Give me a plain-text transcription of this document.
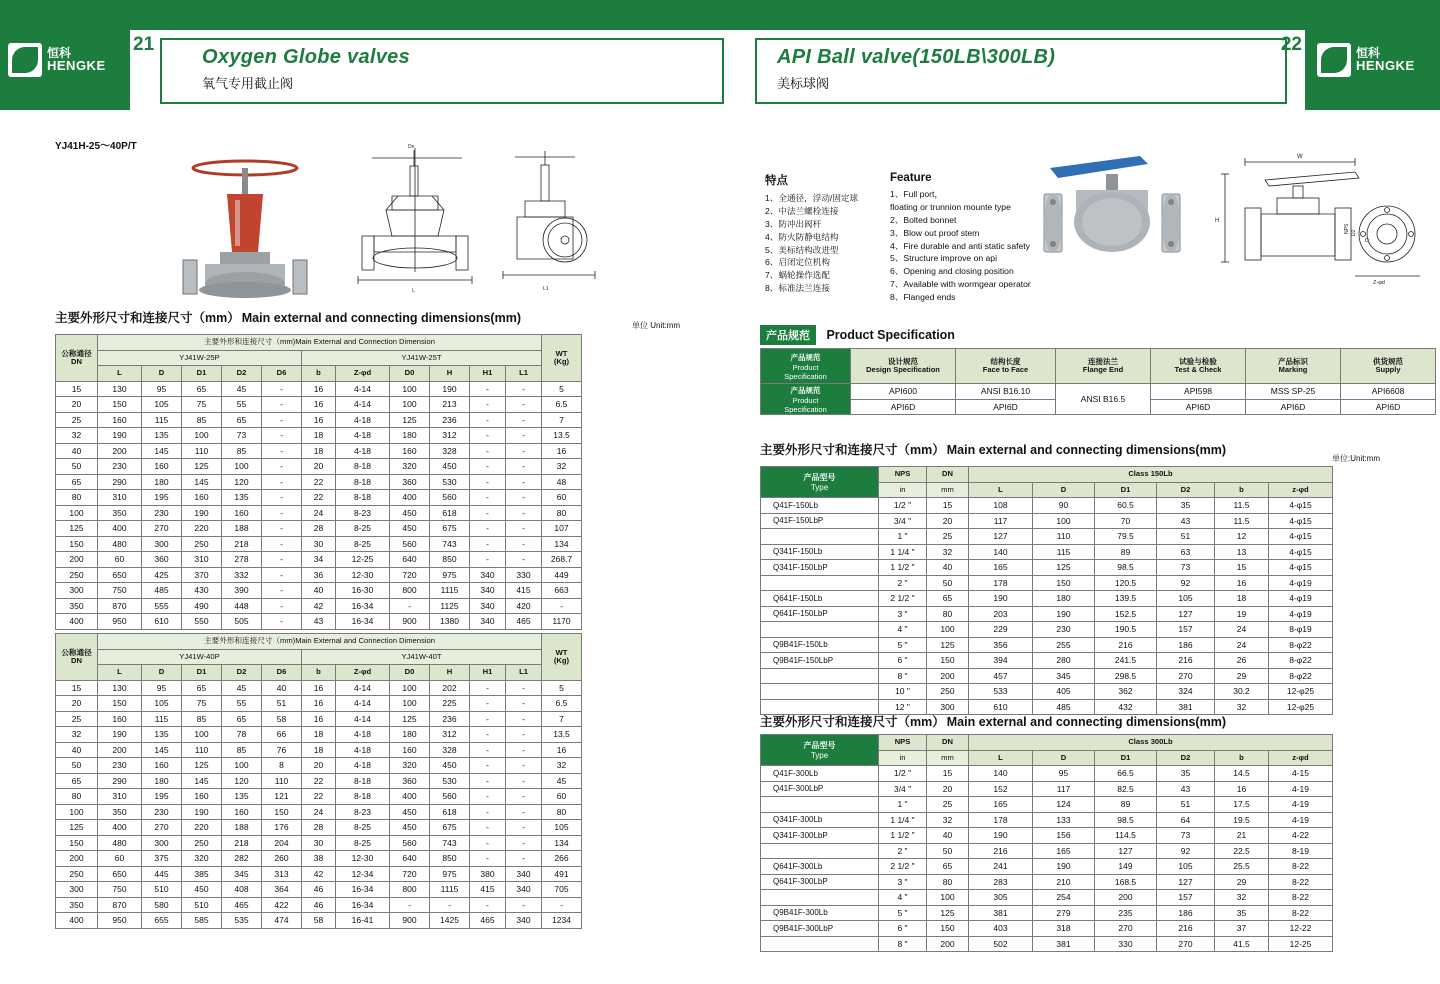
恒科
HENGKE
恒科
HENGKE
21	22
Oxygen Globe valves
氧气专用截止阀
API Ball valve(150LB\300LB)
美标球阀
YJ41H-25～40P/T	Dn
L	L1
主要外形尺寸和连接尺寸（mm） Main external and connecting dimensions(mm)
单位 Unit:mm
公称通径
DN	主要外形和连接尺寸（mm)Main External and Connection Dimension											WT
(Kg)
	YJ41W-25P					YJ41W-25T						
	L	D	D1	D2	D6	b	Z-φd	D0	H	H1	L1	
15	130	95	65	45	-	16	4-14	100	190	-	-	5
20	150	105	75	55	-	16	4-14	100	213	-	-	6.5
25	160	115	85	65	-	16	4-18	125	236	-	-	7
32	190	135	100	73	-	18	4-18	180	312	-	-	13.5
40	200	145	110	85	-	18	4-18	160	328	-	-	16
50	230	160	125	100	-	20	8-18	320	450	-	-	32
65	290	180	145	120	-	22	8-18	360	530	-	-	48
80	310	195	160	135	-	22	8-18	400	560	-	-	60
100	350	230	190	160	-	24	8-23	450	618	-	-	80
125	400	270	220	188	-	28	8-25	450	675	-	-	107
150	480	300	250	218	-	30	8-25	560	743	-	-	134
200	60	360	310	278	-	34	12-25	640	850	-	-	268.7
250	650	425	370	332	-	36	12-30	720	975	340	330	449
300	750	485	430	390	-	40	16-30	800	1115	340	415	663
350	870	555	490	448	-	42	16-34	-	1125	340	420	-
400	950	610	550	505	-	43	16-34	900	1380	340	465	1170
公称通径
DN	主要外形和连接尺寸（mm)Main External and Connection Dimension											WT
(Kg)
	YJ41W-40P					YJ41W-40T						
	L	D	D1	D2	D6	b	Z-φd	D0	H	H1	L1	
15	130	95	65	45	40	16	4-14	100	202	-	-	5
20	150	105	75	55	51	16	4-14	100	225	-	-	6.5
25	160	115	85	65	58	16	4-14	125	236	-	-	7
32	190	135	100	78	66	18	4-18	180	312	-	-	13.5
40	200	145	110	85	76	18	4-18	160	328	-	-	16
50	230	160	125	100	8	20	4-18	320	450	-	-	32
65	290	180	145	120	110	22	8-18	360	530	-	-	45
80	310	195	160	135	121	22	8-18	400	560	-	-	60
100	350	230	190	160	150	24	8-23	450	618	-	-	80
125	400	270	220	188	176	28	8-25	450	675	-	-	105
150	480	300	250	218	204	30	8-25	560	743	-	-	134
200	60	375	320	282	260	38	12-30	640	850	-	-	266
250	650	445	385	345	313	42	12-34	720	975	380	340	491
300	750	510	450	408	364	46	16-34	800	1115	415	340	705
350	870	580	510	465	422	46	16-34	-	-	-	-	-
400	950	655	585	535	474	58	16-41	900	1425	465	340	1234
特点
1、全通径，浮动/固定球
2、中法兰螺栓连接
3、防冲出阀杆
4、防火防静电结构
5、美标结构改进型
6、启闭定位机构
7、蜗轮操作选配
8、标准法兰连接
Feature
1、Full port，
floating or trunnion mounte type
2、Bolted bonnet
3、Blow out proof stem
4、Fire durable and anti static safety
5、Structure improve on api
6、Opening and closing position
7、Available with wormgear operator
8、Flanged ends
W
H
D
D2
NPS
Z-φd
产品规范 Product Specification
产品规范
Product
Specification	设计规范
Design Specification	结构长度
Face to Face	连接法兰
Flange End	试验与检验
Test & Check	产品标识
Marking	供货规范
Supply
产品规范
Product
Specification	API600	ANSI B16.10	ANSI B16.5	API598	MSS SP-25	API6608
	API6D	API6D		API6D	API6D	API6D
主要外形尺寸和连接尺寸（mm） Main external and connecting dimensions(mm)
单位:Unit:mm
产品型号
Type	NPS	DN	Class 150Lb					
	in	mm	L	D	D1	D2	b	z-φd

Q41F-150Lb	1/2 "	15	108	90	60.5	35	11.5	4-φ15
Q41F-150LbP	3/4 "	20	117	100	70	43	11.5	4-φ15
	1 "	25	127	110	79.5	51	12	4-φ15
Q341F-150Lb	1 1/4 "	32	140	115	89	63	13	4-φ15
Q341F-150LbP	1 1/2 "	40	165	125	98.5	73	15	4-φ15
	2 "	50	178	150	120.5	92	16	4-φ19
Q641F-150Lb	2 1/2 "	65	190	180	139.5	105	18	4-φ19
Q641F-150LbP	3 "	80	203	190	152.5	127	19	4-φ19
	4 "	100	229	230	190.5	157	24	8-φ19
Q9B41F-150Lb	5 "	125	356	255	216	186	24	8-φ22
Q9B41F-150LbP	6 "	150	394	280	241.5	216	26	8-φ22
	8 "	200	457	345	298.5	270	29	8-φ22
	10 "	250	533	405	362	324	30.2	12-φ25
	12 "	300	610	485	432	381	32	12-φ25
主要外形尺寸和连接尺寸（mm） Main external and connecting dimensions(mm)
产品型号
Type	NPS	DN	Class 300Lb					
	in	mm	L	D	D1	D2	b	z-φd

Q41F-300Lb	1/2 "	15	140	95	66.5	35	14.5	4-15
Q41F-300LbP	3/4 "	20	152	117	82.5	43	16	4-19
	1 "	25	165	124	89	51	17.5	4-19
Q341F-300Lb	1 1/4 "	32	178	133	98.5	64	19.5	4-19
Q341F-300LbP	1 1/2 "	40	190	156	114.5	73	21	4-22
	2 "	50	216	165	127	92	22.5	8-19
Q641F-300Lb	2 1/2 "	65	241	190	149	105	25.5	8-22
Q641F-300LbP	3 "	80	283	210	168.5	127	29	8-22
	4 "	100	305	254	200	157	32	8-22
Q9B41F-300Lb	5 "	125	381	279	235	186	35	8-22
Q9B41F-300LbP	6 "	150	403	318	270	216	37	12-22
	8 "	200	502	381	330	270	41.5	12-25
